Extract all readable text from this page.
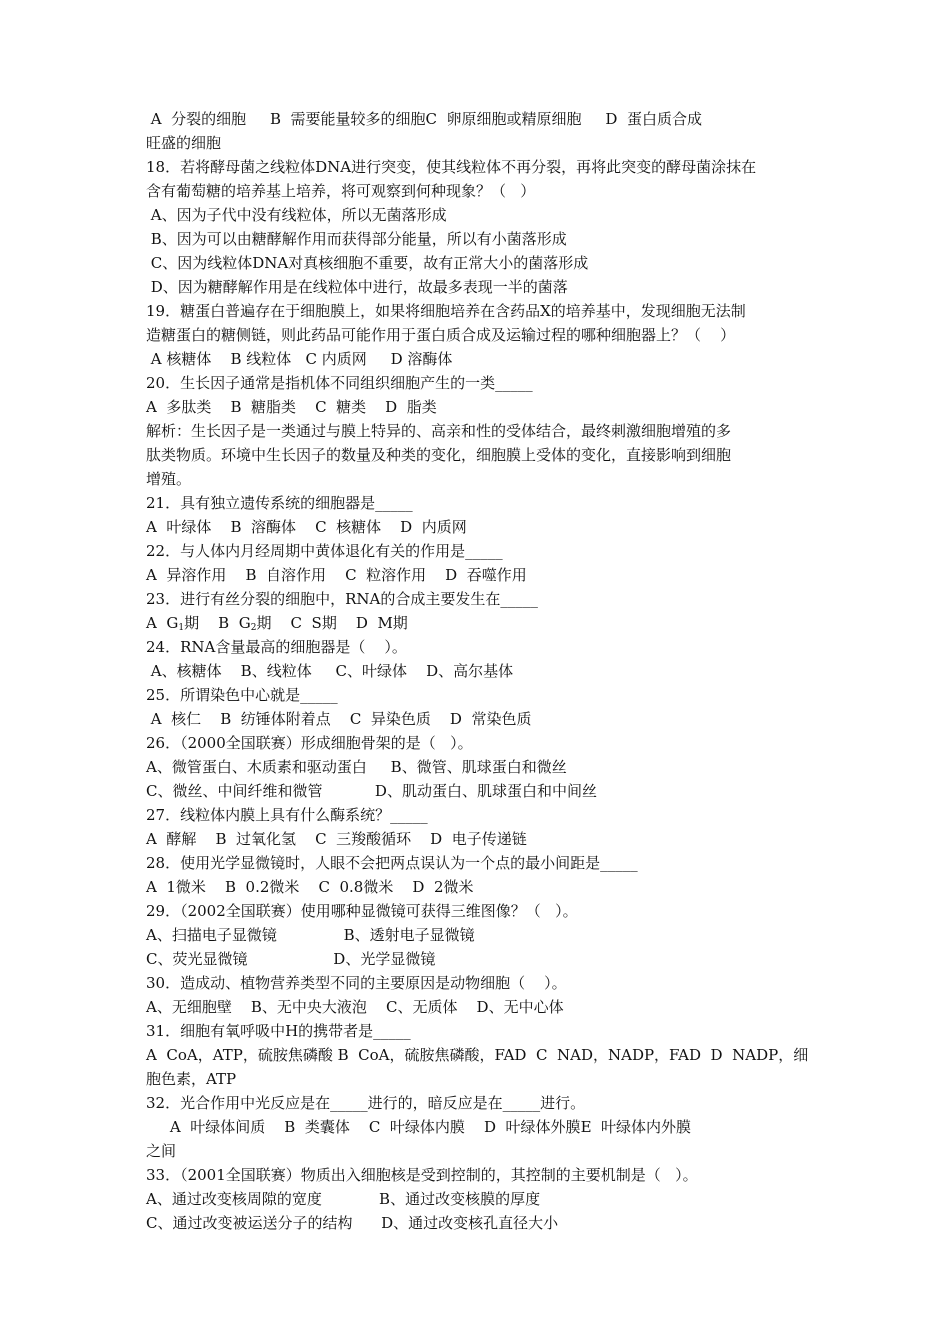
A  分裂的细胞     B  需要能量较多的细胞C  卵原细胞或精原细胞     D  蛋白质合成
旺盛的细胞
18．若将酵母菌之线粒体DNA进行突变，使其线粒体不再分裂，再将此突变的酵母菌涂抹在
含有葡萄糖的培养基上培养，将可观察到何种现象？（   ）
A、因为子代中没有线粒体，所以无菌落形成
B、因为可以由糖酵解作用而获得部分能量，所以有小菌落形成
C、因为线粒体DNA对真核细胞不重要，故有正常大小的菌落形成
D、因为糖酵解作用是在线粒体中进行，故最多表现一半的菌落
19．糖蛋白普遍存在于细胞膜上，如果将细胞培养在含药品X的培养基中，发现细胞无法制
造糖蛋白的糖侧链，则此药品可能作用于蛋白质合成及运输过程的哪种细胞器上？（    ）
A 核糖体    B 线粒体   C 内质网     D 溶酶体
20．生长因子通常是指机体不同组织细胞产生的一类_____
A  多肽类    B  糖脂类    C  糖类    D  脂类
解析：生长因子是一类通过与膜上特异的、高亲和性的受体结合，最终刺激细胞增殖的多
肽类物质。环境中生长因子的数量及种类的变化，细胞膜上受体的变化，直接影响到细胞
增殖。
21．具有独立遗传系统的细胞器是_____
A  叶绿体    B  溶酶体    C  核糖体    D  内质网
22．与人体内月经周期中黄体退化有关的作用是_____
A  异溶作用    B  自溶作用    C  粒溶作用    D  吞噬作用
23．进行有丝分裂的细胞中，RNA的合成主要发生在_____
A  $G_1$期    B  $G_2$期    C  S期    D  M期
24．RNA含量最高的细胞器是（    ）。
A、核糖体    B、线粒体     C、叶绿体    D、高尔基体
25．所谓染色中心就是_____
A  核仁    B  纺锤体附着点    C  异染色质    D  常染色质
26．（2000全国联赛）形成细胞骨架的是（   ）。
A、微管蛋白、木质素和驱动蛋白     B、微管、肌球蛋白和微丝
C、微丝、中间纤维和微管           D、肌动蛋白、肌球蛋白和中间丝
27．线粒体内膜上具有什么酶系统？_____
A  酵解    B  过氧化氢    C  三羧酸循环    D  电子传递链
28．使用光学显微镜时，人眼不会把两点误认为一个点的最小间距是_____
A  1微米    B  0.2微米    C  0.8微米    D  2微米
29．（2002全国联赛）使用哪种显微镜可获得三维图像？（   ）。
A、扫描电子显微镜              B、透射电子显微镜
C、荧光显微镜                  D、光学显微镜
30．造成动、植物营养类型不同的主要原因是动物细胞（    ）。
A、无细胞壁    B、无中央大液泡    C、无质体    D、无中心体
31．细胞有氧呼吸中H的携带者是_____
A  CoA，ATP，硫胺焦磷酸 B  CoA，硫胺焦磷酸，FAD  C  NAD，NADP，FAD  D  NADP，细
胞色素，ATP
32．光合作用中光反应是在_____进行的，暗反应是在_____进行。
A  叶绿体间质    B  类囊体    C  叶绿体内膜    D  叶绿体外膜E  叶绿体内外膜
之间
33．（2001全国联赛）物质出入细胞核是受到控制的，其控制的主要机制是（   ）。
A、通过改变核周隙的宽度            B、通过改变核膜的厚度
C、通过改变被运送分子的结构      D、通过改变核孔直径大小
